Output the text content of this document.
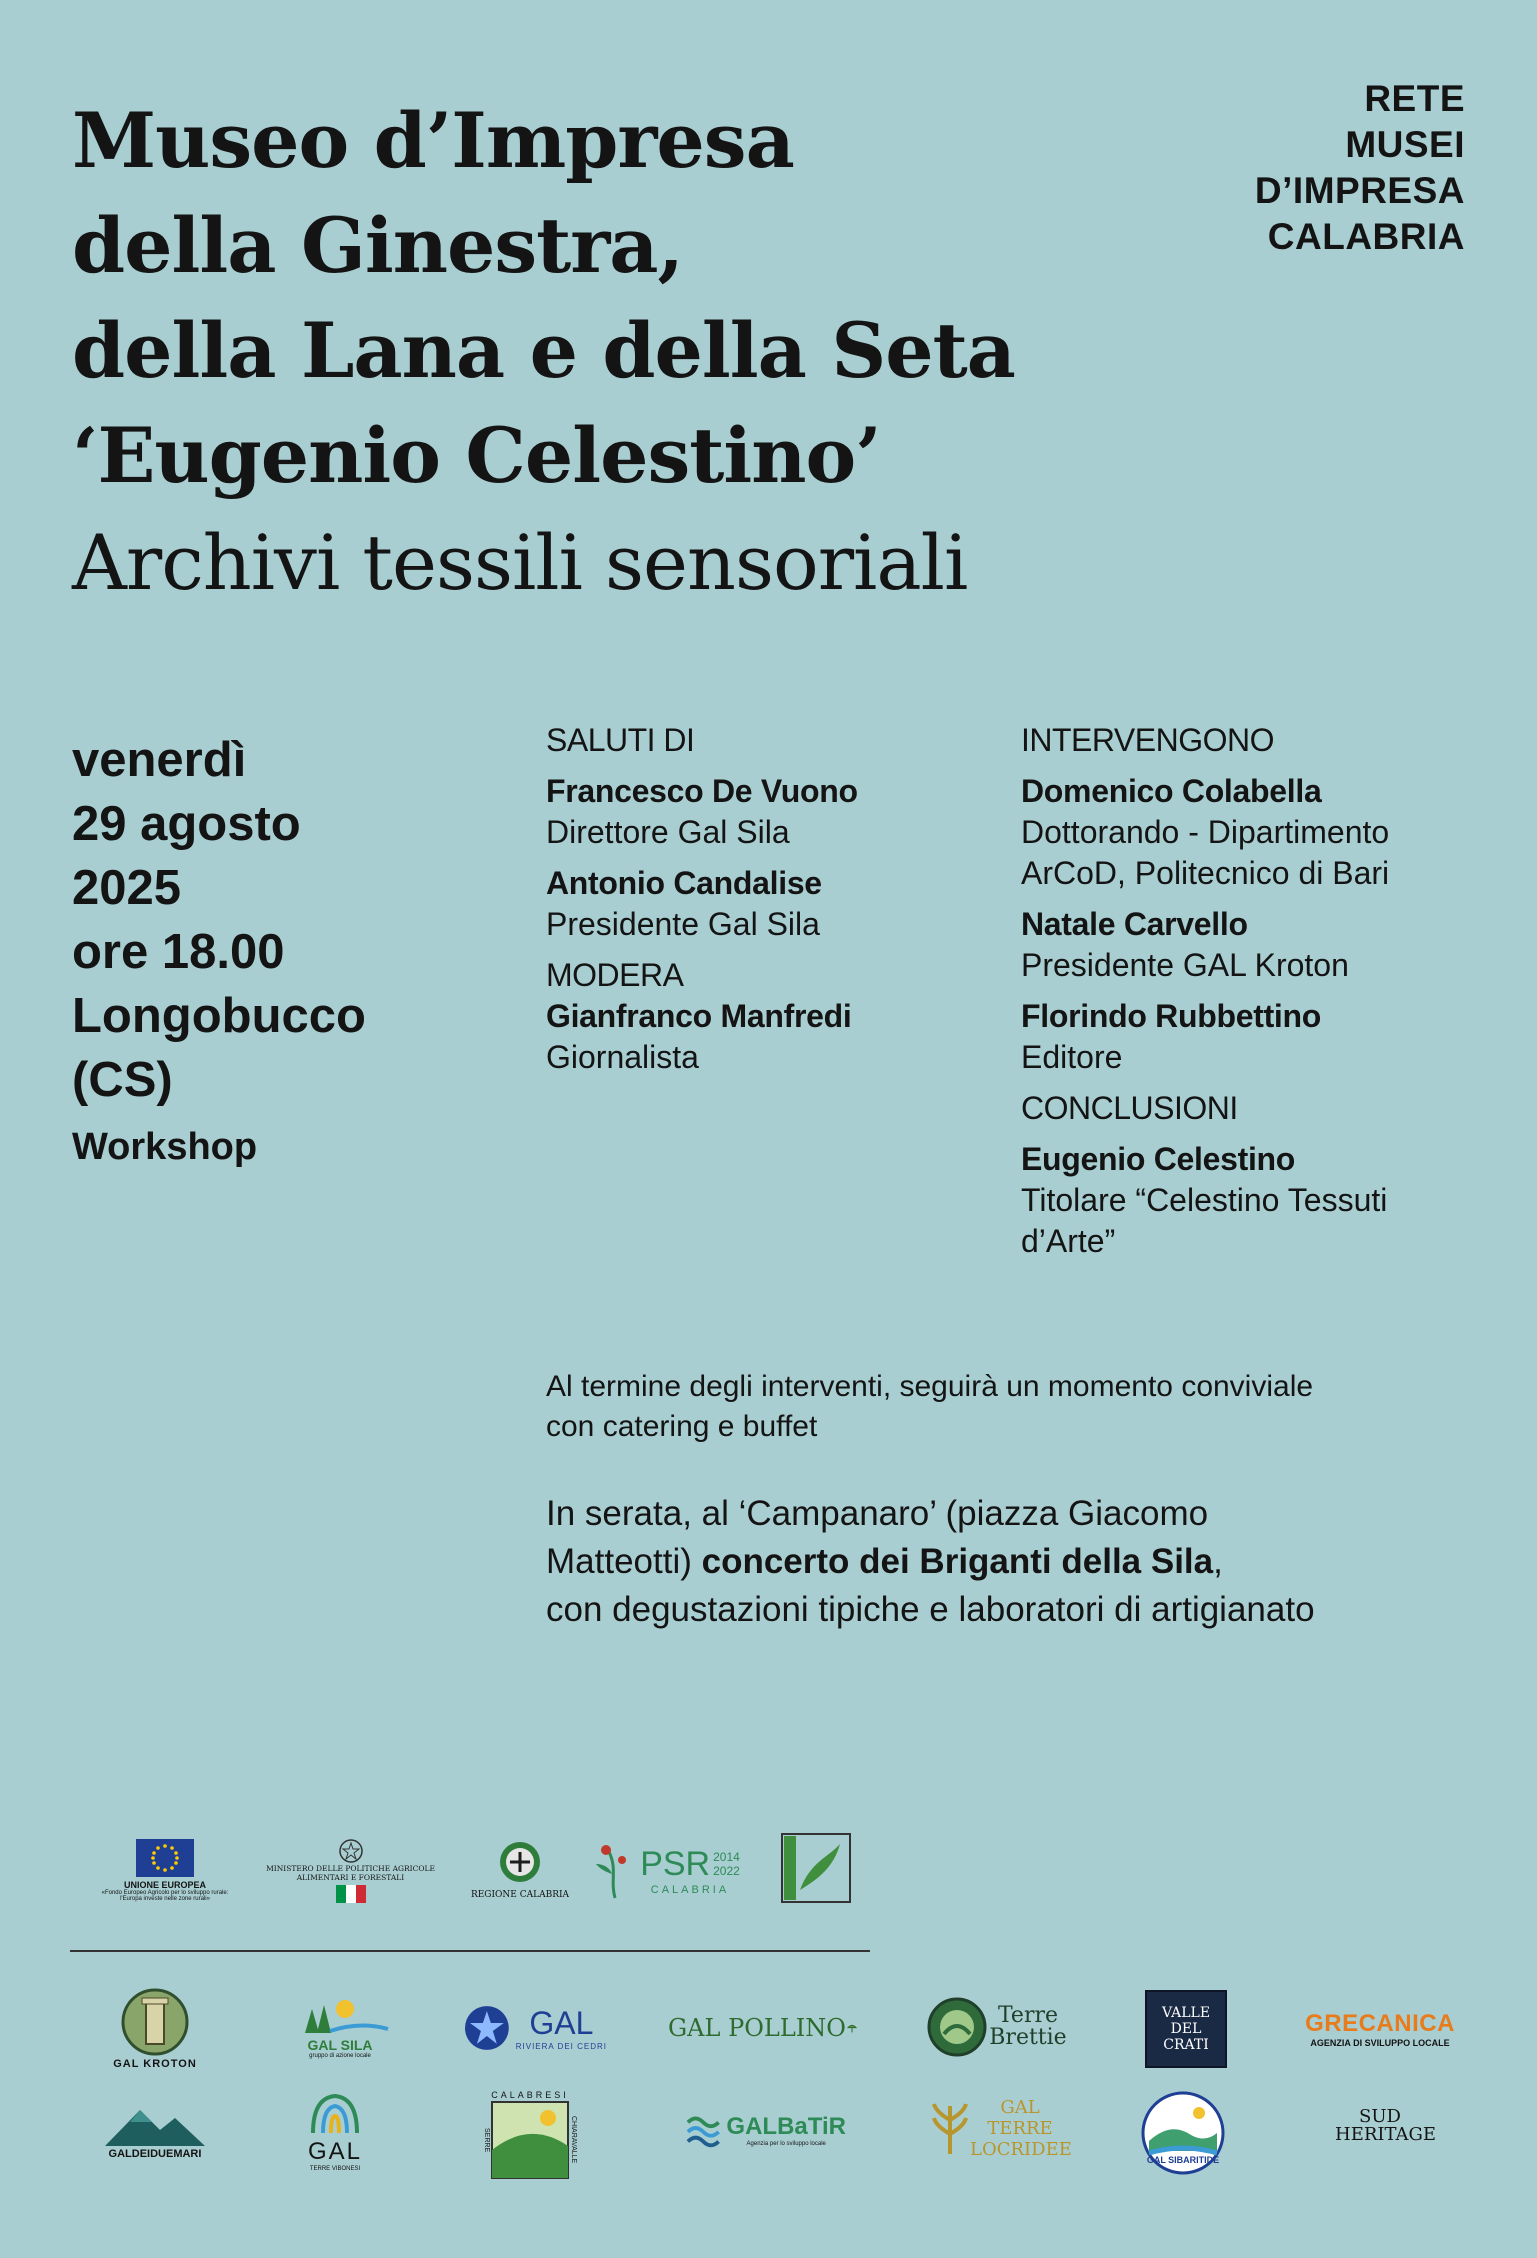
Museo d’Impresa
della Ginestra,
della Lana e della Seta
‘Eugenio Celestino’
Archivi tessili sensoriali
RETE
MUSEI
D’IMPRESA
CALABRIA
venerdì
29 agosto
2025
ore 18.00
Longobucco
(CS)
Workshop
SALUTI DI
Francesco De Vuono
Direttore Gal Sila
Antonio Candalise
Presidente Gal Sila
MODERA
Gianfranco Manfredi
Giornalista
INTERVENGONO
Domenico Colabella
Dottorando - Dipartimento
ArCoD, Politecnico di Bari
Natale Carvello
Presidente GAL Kroton
Florindo Rubbettino
Editore
CONCLUSIONI
Eugenio Celestino
Titolare “Celestino Tessuti
d’Arte”
Al termine degli interventi, seguirà un momento conviviale
con catering e buffet
In serata, al ‘Campanaro’ (piazza Giacomo
Matteotti) concerto dei Briganti della Sila,
con degustazioni tipiche e laboratori di artigianato
UNIONE EUROPEA
«Fondo Europeo Agricolo per lo sviluppo rurale:
l'Europa investe nelle zone rurali»
MINISTERO DELLE POLITICHE AGRICOLE
ALIMENTARI E FORESTALI
REGIONE CALABRIA
PSR 2014
2022
CALABRIA
GAL KROTON
GAL SILA
gruppo di azione locale
GAL
RIVIERA DEI CEDRI
GAL POLLINO	Terre Brettie
VALLE DEL CRATI
GRECANICA
AGENZIA DI SVILUPPO LOCALE
GALDEIDUEMARI	GAL
TERRE VIBONESI
CALABRESI
SERRE	CHIARAVALLE	GALBaTiR
Agenzia per lo sviluppo locale
GAL TERRE LOCRIDEE
GAL SIBARITIDE
SUD HERITAGE
